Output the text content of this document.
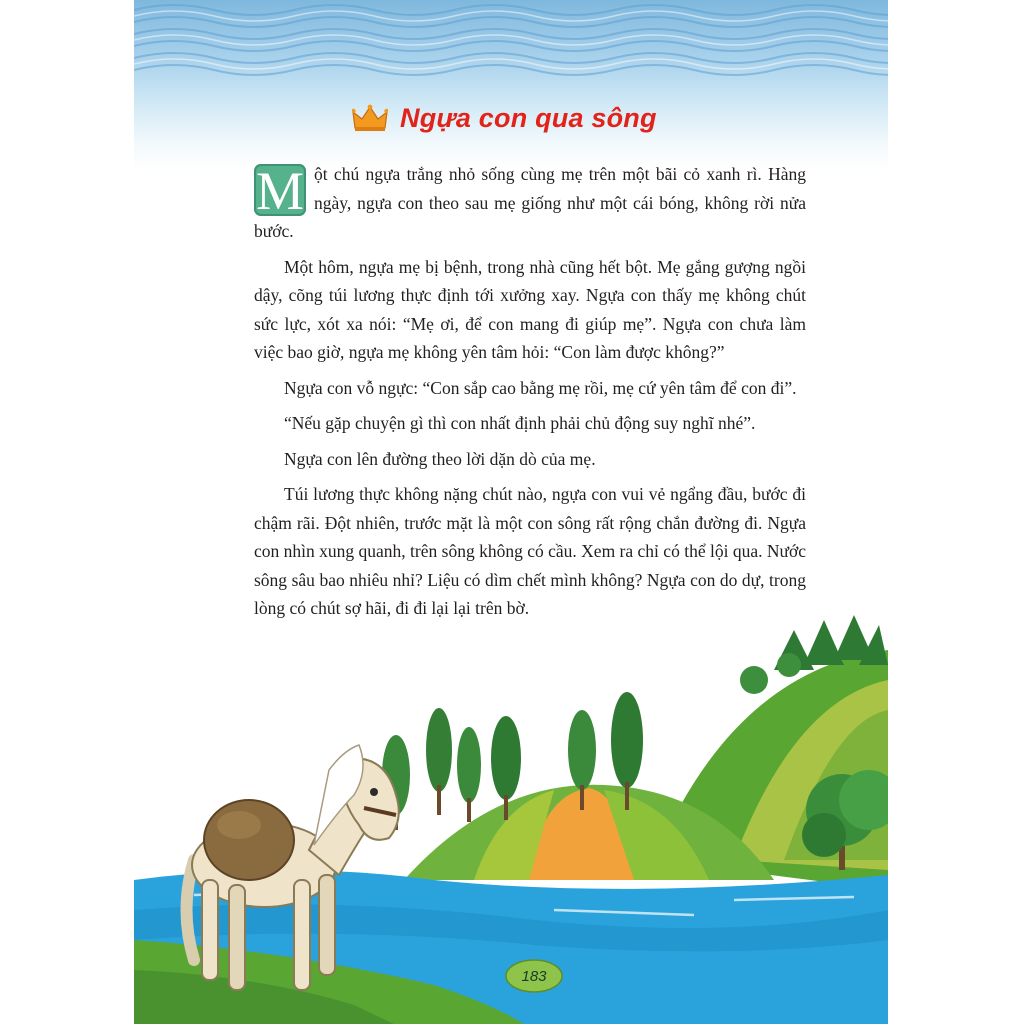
Ngựa con qua sông

M ột chú ngựa trắng nhỏ sống cùng mẹ trên một bãi cỏ xanh rì. Hàng ngày, ngựa con theo sau mẹ giống như một cái bóng, không rời nửa bước.

Một hôm, ngựa mẹ bị bệnh, trong nhà cũng hết bột. Mẹ gắng gượng ngồi dậy, cõng túi lương thực định tới xưởng xay. Ngựa con thấy mẹ không chút sức lực, xót xa nói: “Mẹ ơi, để con mang đi giúp mẹ”. Ngựa con chưa làm việc bao giờ, ngựa mẹ không yên tâm hỏi: “Con làm được không?”

Ngựa con vỗ ngực: “Con sắp cao bằng mẹ rồi, mẹ cứ yên tâm để con đi”.

“Nếu gặp chuyện gì thì con nhất định phải chủ động suy nghĩ nhé”.

Ngựa con lên đường theo lời dặn dò của mẹ.

Túi lương thực không nặng chút nào, ngựa con vui vẻ ngẩng đầu, bước đi chậm rãi. Đột nhiên, trước mặt là một con sông rất rộng chắn đường đi. Ngựa con nhìn xung quanh, trên sông không có cầu. Xem ra chỉ có thể lội qua. Nước sông sâu bao nhiêu nhỉ? Liệu có dìm chết mình không? Ngựa con do dự, trong lòng có chút sợ hãi, đi đi lại lại trên bờ.

183
